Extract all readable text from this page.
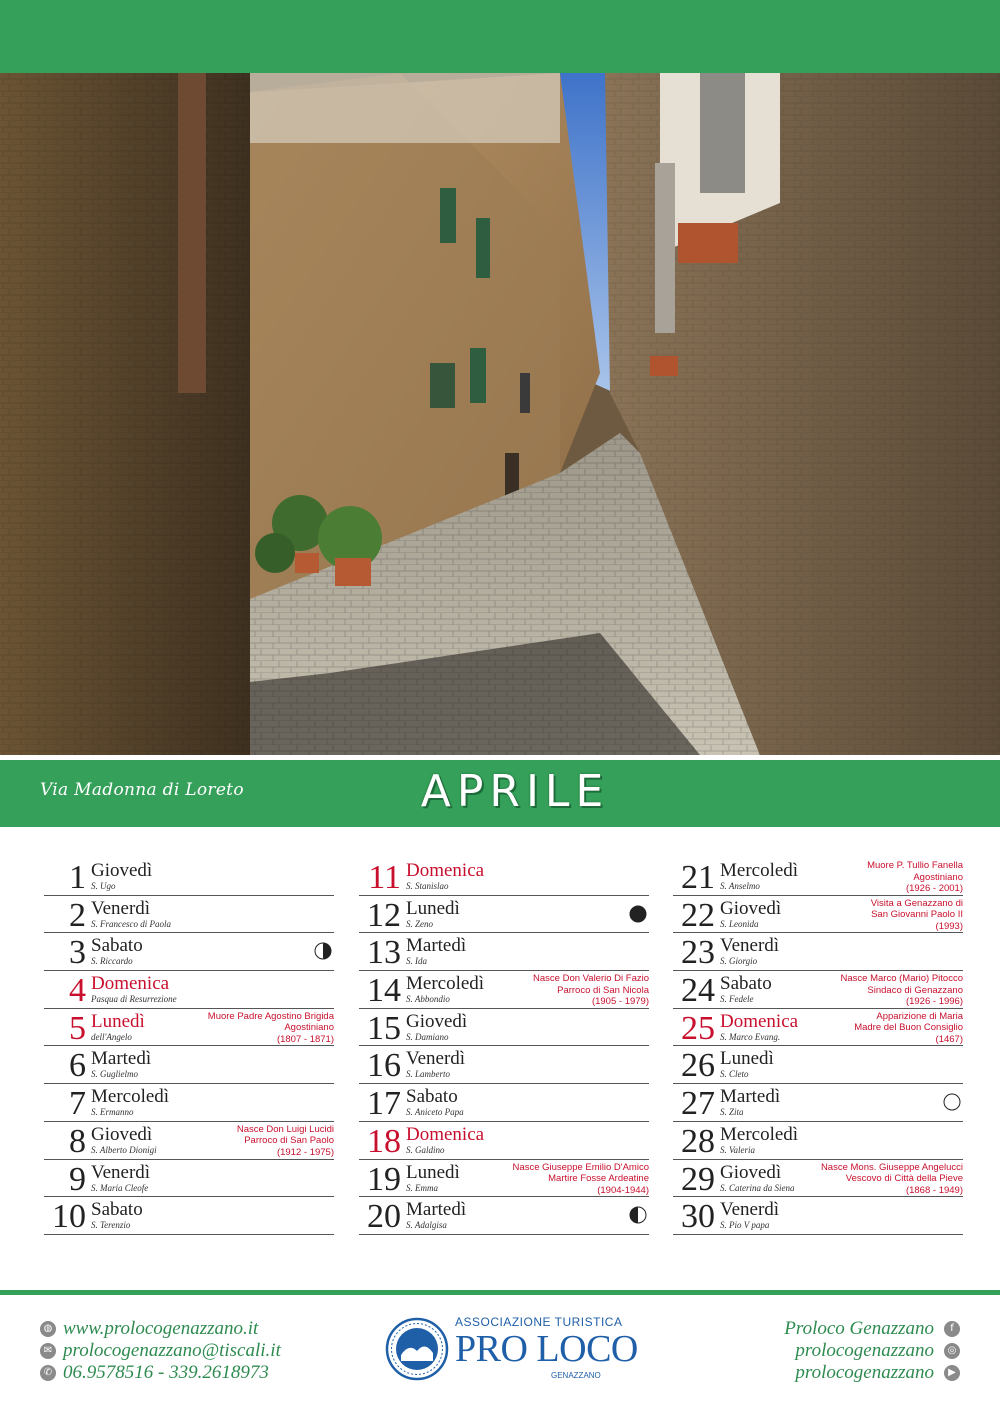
Via Madonna di Loreto	APRILE
1 Giovedì
S. Ugo
2 Venerdì
S. Francesco di Paola
3 Sabato
S. Riccardo
4 Domenica
Pasqua di Resurrezione
5 Lunedì
dell'Angelo
Muore Padre Agostino Brigida
Agostiniano
(1807 - 1871)
6 Martedì
S. Guglielmo
7 Mercoledì
S. Ermanno
8 Giovedì
S. Alberto Dionigi
Nasce Don Luigi Lucidi
Parroco di San Paolo
(1912 - 1975)
9 Venerdì
S. Maria Cleofe
10 Sabato
S. Terenzio
11 Domenica
S. Stanislao
12 Lunedì
S. Zeno
13 Martedì
S. Ida
14 Mercoledì
S. Abbondio
Nasce Don Valerio Di Fazio
Parroco di San Nicola
(1905 - 1979)
15 Giovedì
S. Damiano
16 Venerdì
S. Lamberto
17 Sabato
S. Aniceto Papa
18 Domenica
S. Galdino
19 Lunedì
S. Emma
Nasce Giuseppe Emilio D'Amico
Martire Fosse Ardeatine
(1904-1944)
20 Martedì
S. Adalgisa
21 Mercoledì
S. Anselmo
Muore P. Tullio Fanella
Agostiniano
(1926 - 2001)
22 Giovedì
S. Leonida
Visita a Genazzano di
San Giovanni Paolo II
(1993)
23 Venerdì
S. Giorgio
24 Sabato
S. Fedele
Nasce Marco (Mario) Pitocco
Sindaco di Genazzano
(1926 - 1996)
25 Domenica
S. Marco Evang.
Apparizione di Maria
Madre del Buon Consiglio
(1467)
26 Lunedì
S. Cleto
27 Martedì
S. Zita
28 Mercoledì
S. Valeria
29 Giovedì
S. Caterina da Siena
Nasce Mons. Giuseppe Angelucci
Vescovo di Città della Pieve
(1868 - 1949)
30 Venerdì
S. Pio V papa
◍ www.prolocogenazzano.it
✉ prolocogenazzano@tiscali.it
✆ 06.9578516 - 339.2618973
ASSOCIAZIONE TURISTICA
PRO LOCO
GENAZZANO
Proloco Genazzano	f
prolocogenazzano	◎
prolocogenazzano	▶
